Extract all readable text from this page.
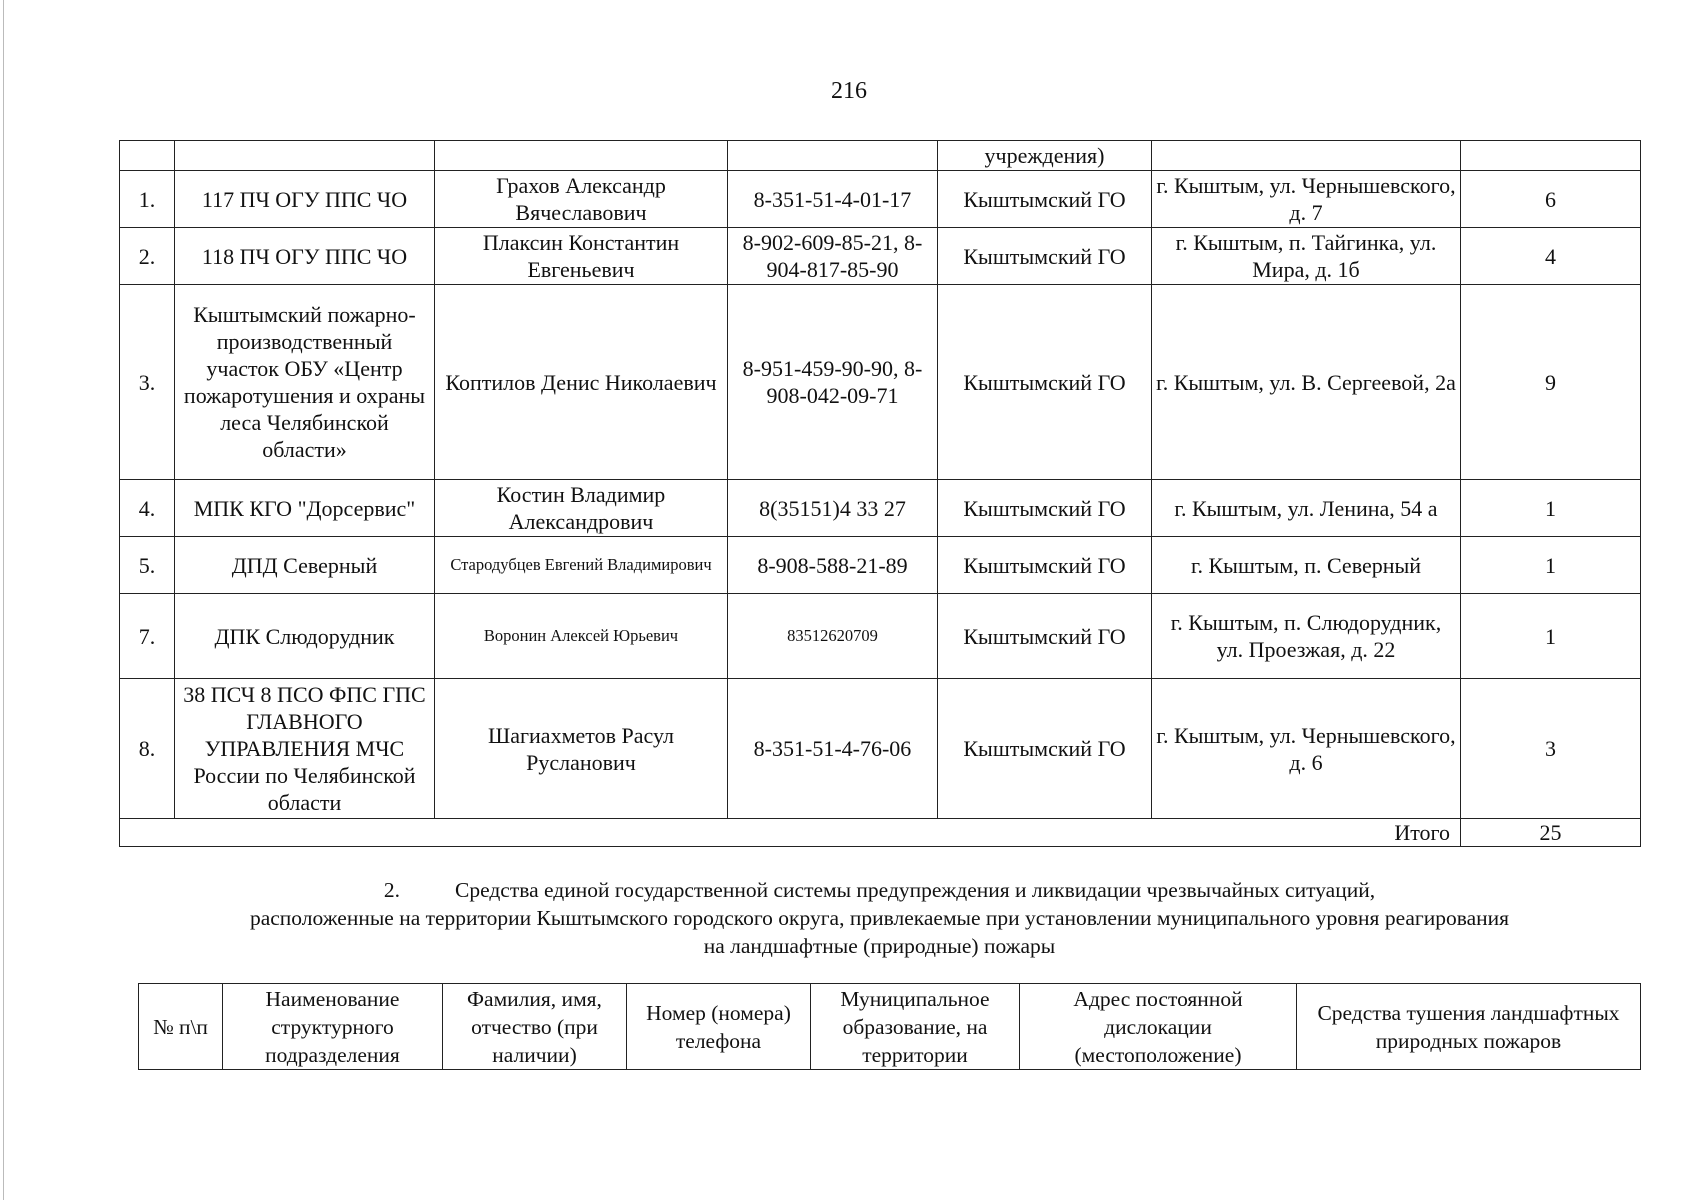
216
				учреждения)		
1.	117 ПЧ ОГУ ППС ЧО	Грахов Александр Вячеславович	8-351-51-4-01-17	Кыштымский ГО	г. Кыштым, ул. Чернышевского, д. 7	6
2.	118 ПЧ ОГУ ППС ЧО	Плаксин Константин Евгеньевич	8-902-609-85-21, 8-904-817-85-90	Кыштымский ГО	г. Кыштым, п. Тайгинка, ул. Мира, д. 1б	4
3.	Кыштымский пожарно-производственный участок ОБУ «Центр пожаротушения и охраны леса Челябинской области»	Коптилов Денис Николаевич	8-951-459-90-90, 8-908-042-09-71	Кыштымский ГО	г. Кыштым, ул. В. Сергеевой, 2а	9
4.	МПК КГО "Дорсервис"	Костин Владимир Александрович	8(35151)4 33 27	Кыштымский ГО	г. Кыштым, ул. Ленина, 54 а	1
5.	ДПД Северный	Стародубцев Евгений Владимирович	8-908-588-21-89	Кыштымский ГО	г. Кыштым, п. Северный	1
7.	ДПК Слюдорудник	Воронин Алексей Юрьевич	83512620709	Кыштымский ГО	г. Кыштым, п. Слюдорудник, ул. Проезжая, д. 22	1
8.	38 ПСЧ 8 ПСО ФПС ГПС ГЛАВНОГО УПРАВЛЕНИЯ МЧС России по Челябинской области	Шагиахметов Расул Русланович	8-351-51-4-76-06	Кыштымский ГО	г. Кыштым, ул. Чернышевского, д. 6	3
Итого						25
2.	Средства единой государственной системы предупреждения и ликвидации чрезвычайных ситуаций,
расположенные на территории Кыштымского городского округа, привлекаемые при установлении муниципального уровня реагирования
на ландшафтные (природные) пожары
№ п\п	Наименование структурного подразделения	Фамилия, имя, отчество (при наличии)	Номер (номера) телефона	Муниципальное образование, на территории	Адрес постоянной дислокации (местоположение)	Средства тушения ландшафтных природных пожаров
